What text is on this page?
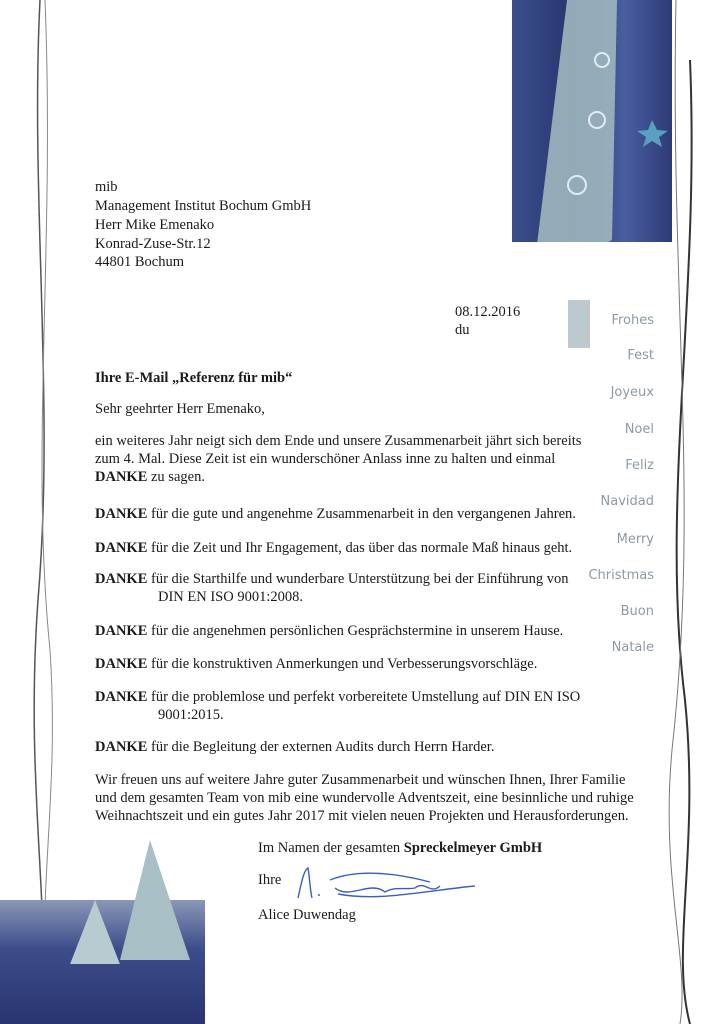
mib
Management Institut Bochum GmbH
Herr Mike Emenako
Konrad-Zuse-Str.12
44801 Bochum
08.12.2016
du
Ihre E-Mail „Referenz für mib“
Sehr geehrter Herr Emenako,
ein weiteres Jahr neigt sich dem Ende und unsere Zusammenarbeit jährt sich bereits
zum 4. Mal. Diese Zeit ist ein wunderschöner Anlass inne zu halten und einmal
DANKE zu sagen.
DANKE für die gute und angenehme Zusammenarbeit in den vergangenen Jahren.
DANKE für die Zeit und Ihr Engagement, das über das normale Maß hinaus geht.
DANKE für die Starthilfe und wunderbare Unterstützung bei der Einführung von
DIN EN ISO 9001:2008.
DANKE für die angenehmen persönlichen Gesprächstermine in unserem Hause.
DANKE für die konstruktiven Anmerkungen und Verbesserungsvorschläge.
DANKE für die problemlose und perfekt vorbereitete Umstellung auf DIN EN ISO
9001:2015.
DANKE für die Begleitung der externen Audits durch Herrn Harder.
Wir freuen uns auf weitere Jahre guter Zusammenarbeit und wünschen Ihnen, Ihrer Familie
und dem gesamten Team von mib eine wundervolle Adventszeit, eine besinnliche und ruhige
Weihnachtszeit und ein gutes Jahr 2017 mit vielen neuen Projekten und Herausforderungen.
Im Namen der gesamten Spreckelmeyer GmbH
Ihre
Alice Duwendag
Frohes
Fest
Joyeux
Noel
Feliz
Navidad
Merry
Christmas
Buon
Natale
